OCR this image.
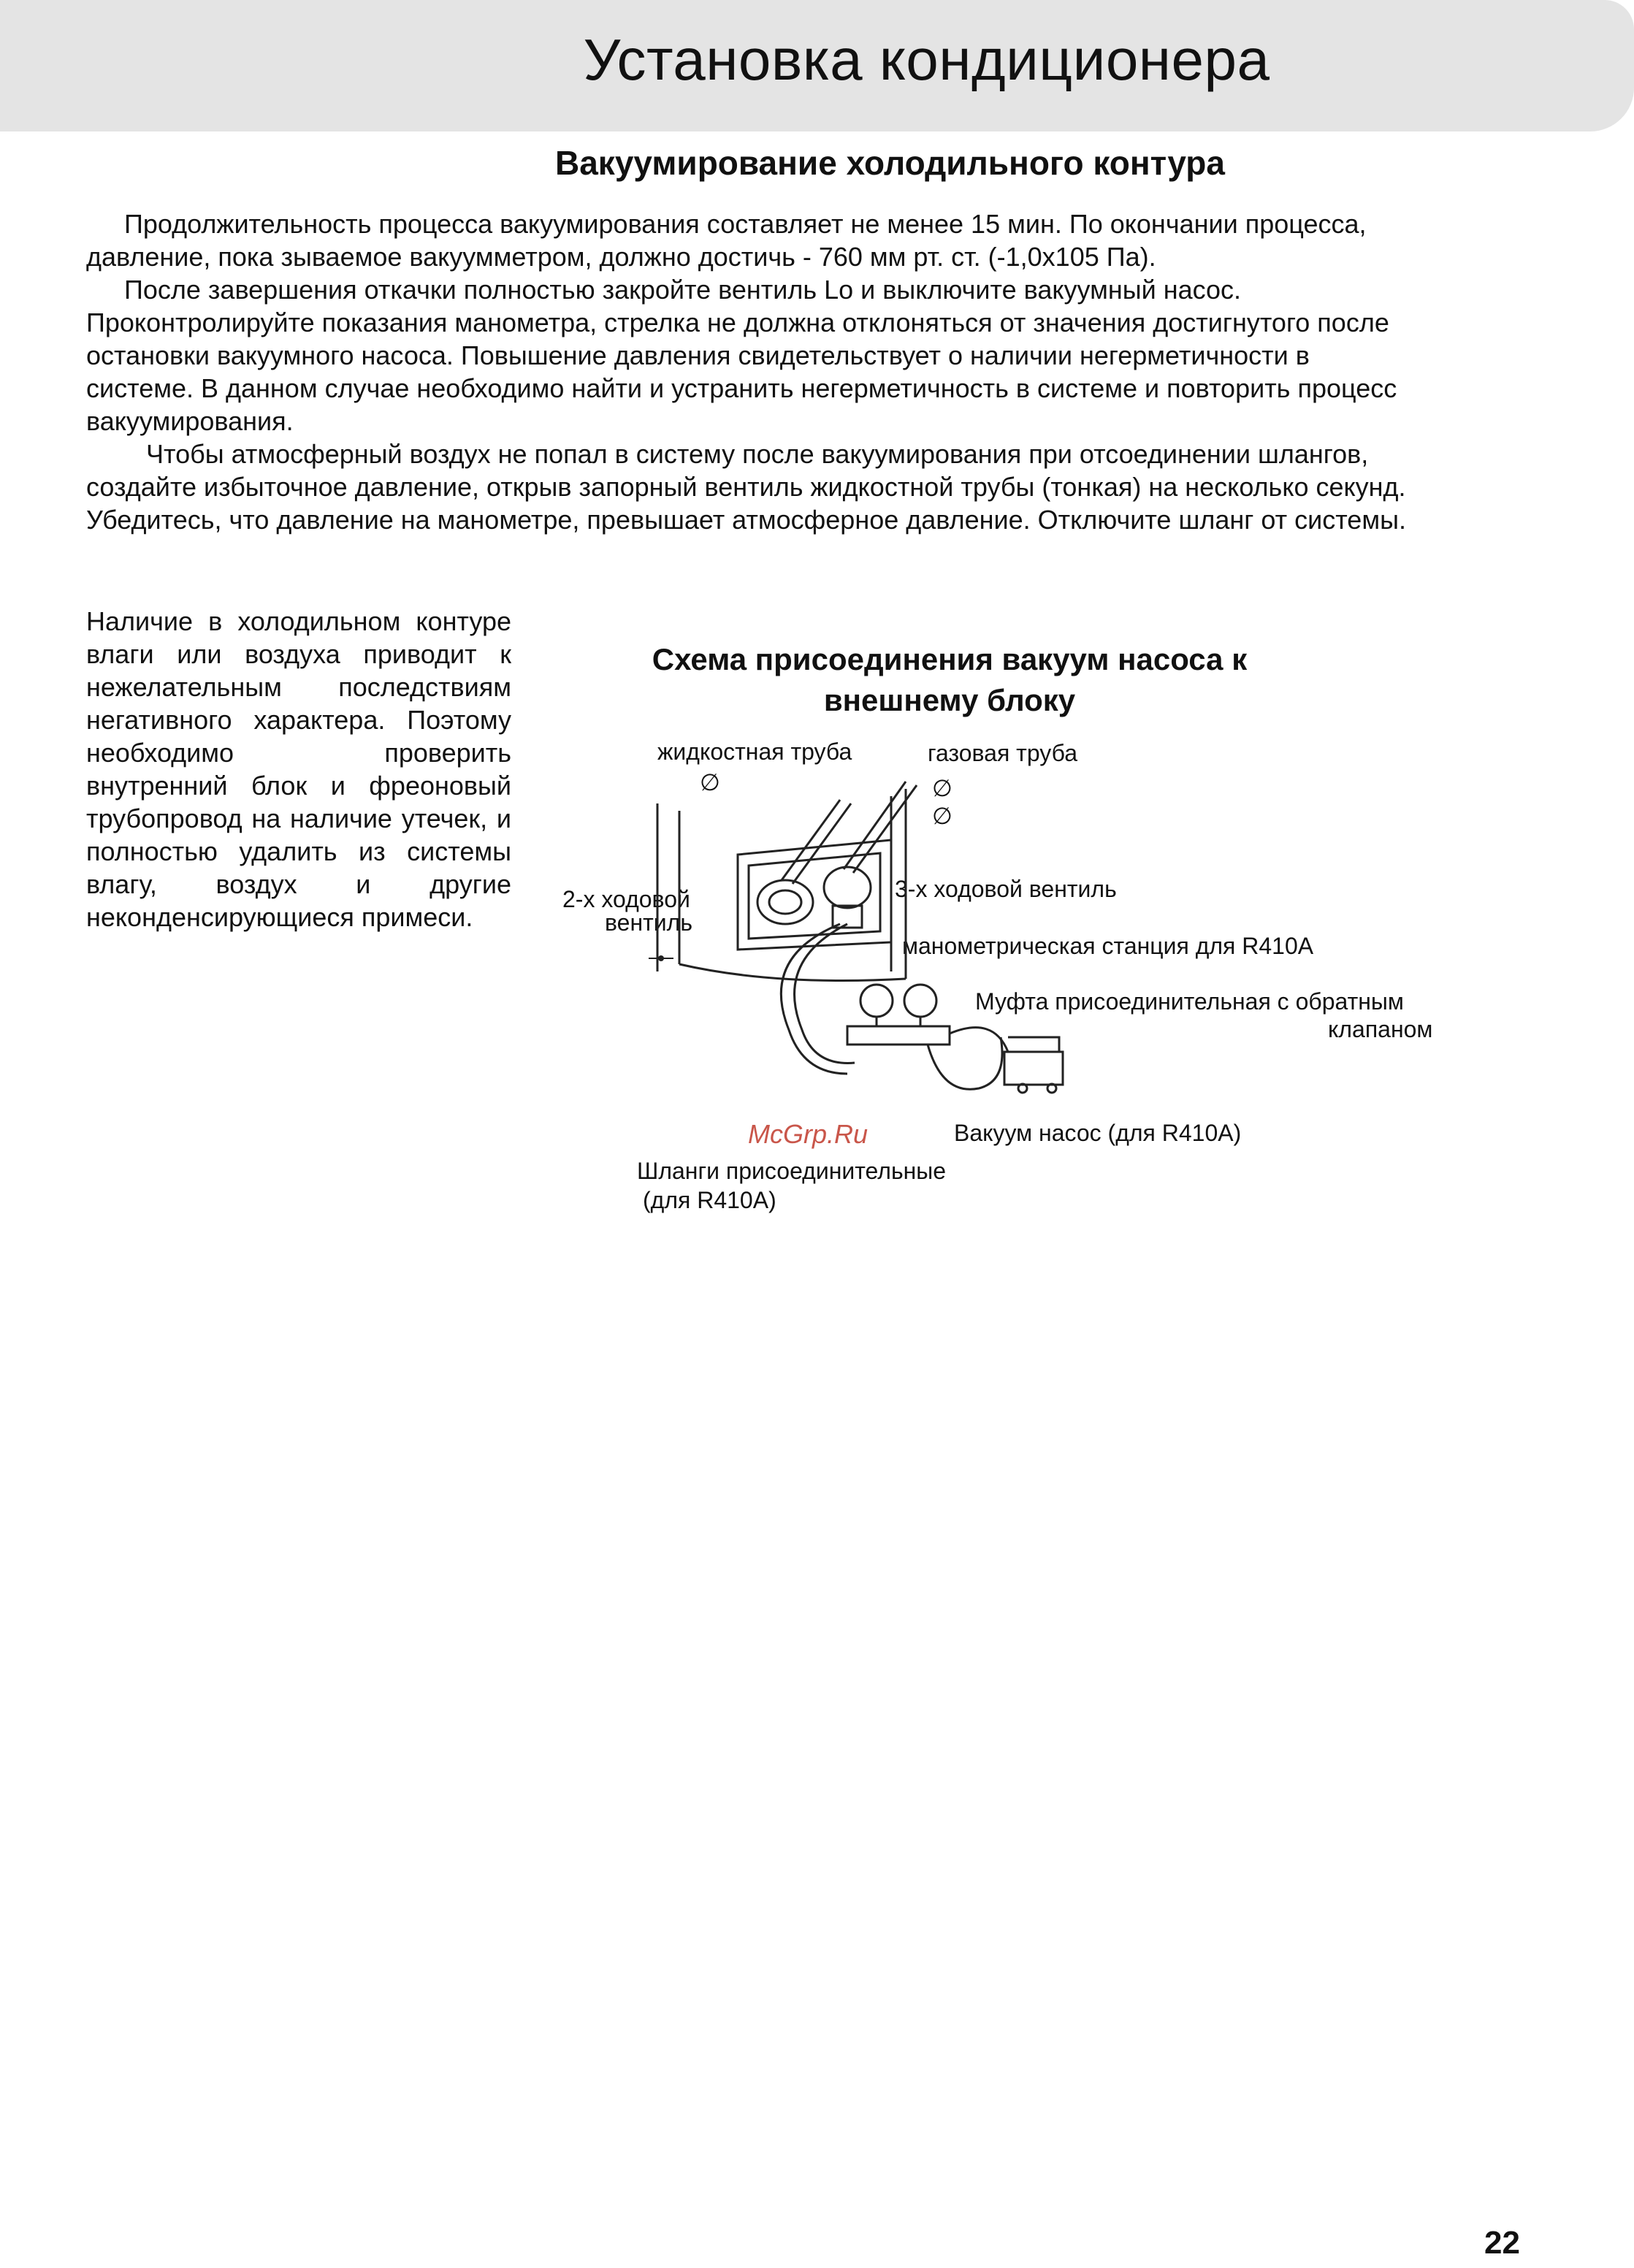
Установка кондиционера
Вакуумирование холодильного контура

Продолжительность процесса вакуумирования составляет не менее 15 мин. По окончании процесса, давление, пока зываемое вакуумметром, должно достичь - 760 мм рт. ст. (-1,0x105 Па).

После завершения откачки полностью закройте вентиль Lo и выключите вакуумный насос. Проконтролируйте показания манометра, стрелка не должна отклоняться от значения достигнутого после остановки вакуумного насоса. Повышение давления свидетельствует о наличии негерметичности в системе. В данном случае необходимо найти и устранить негерметичность в системе и повторить процесс вакуумирования.

Чтобы атмосферный воздух не попал в систему после вакуумирования при отсоединении шлангов, создайте избыточное давление, открыв запорный вентиль жидкостной трубы (тонкая) на несколько секунд. Убедитесь, что давление на манометре, превышает атмосферное давление. Отключите шланг от системы.

Наличие в холодильном контуре влаги или воздуха приводит к нежелательным последствиям негативного характера. Поэтому необходимо проверить внутренний блок и фреоновый трубопровод на наличие утечек, и полностью удалить из системы влагу, воздух и другие неконденсирующиеся примеси.

Схема присоединения вакуум насоса к
внешнему блоку
жидкостная труба
∅
газовая труба
∅
∅
2-х ходовой
вентиль
3-х ходовой вентиль
манометрическая станция для R410A
Муфта присоединительная с обратным
клапаном
Вакуум насос (для R410A)
Шланги присоединительные
(для R410A)
McGrp.Ru
22
